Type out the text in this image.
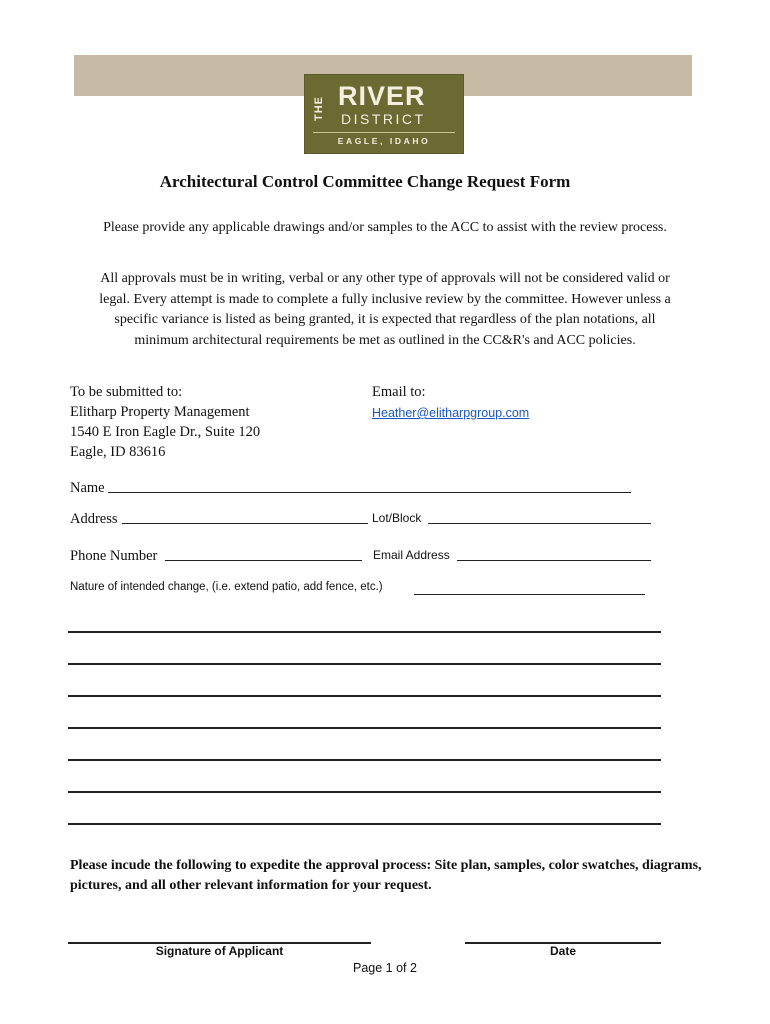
THE RIVER
DISTRICT
EAGLE, IDAHO
Architectural Control Committee Change Request Form
Please provide any applicable drawings and/or samples to the ACC to assist with the review process.
All approvals must be in writing, verbal or any other type of approvals will not be considered valid or
legal. Every attempt is made to complete a fully inclusive review by the committee. However unless a
specific variance is listed as being granted, it is expected that regardless of the plan notations, all
minimum architectural requirements be met as outlined in the CC&R's and ACC policies.
To be submitted to:
Elitharp Property Management
1540 E Iron Eagle Dr., Suite 120
Eagle, ID 83616
Email to:
Heather@elitharpgroup.com
Name
Address	Lot/Block
Phone Number	Email Address
Nature of intended change, (i.e. extend patio, add fence, etc.)
Please incude the following to expedite the approval process: Site plan, samples, color swatches, diagrams, pictures, and all other relevant information for your request.
Signature of Applicant	Date
Page 1 of 2
